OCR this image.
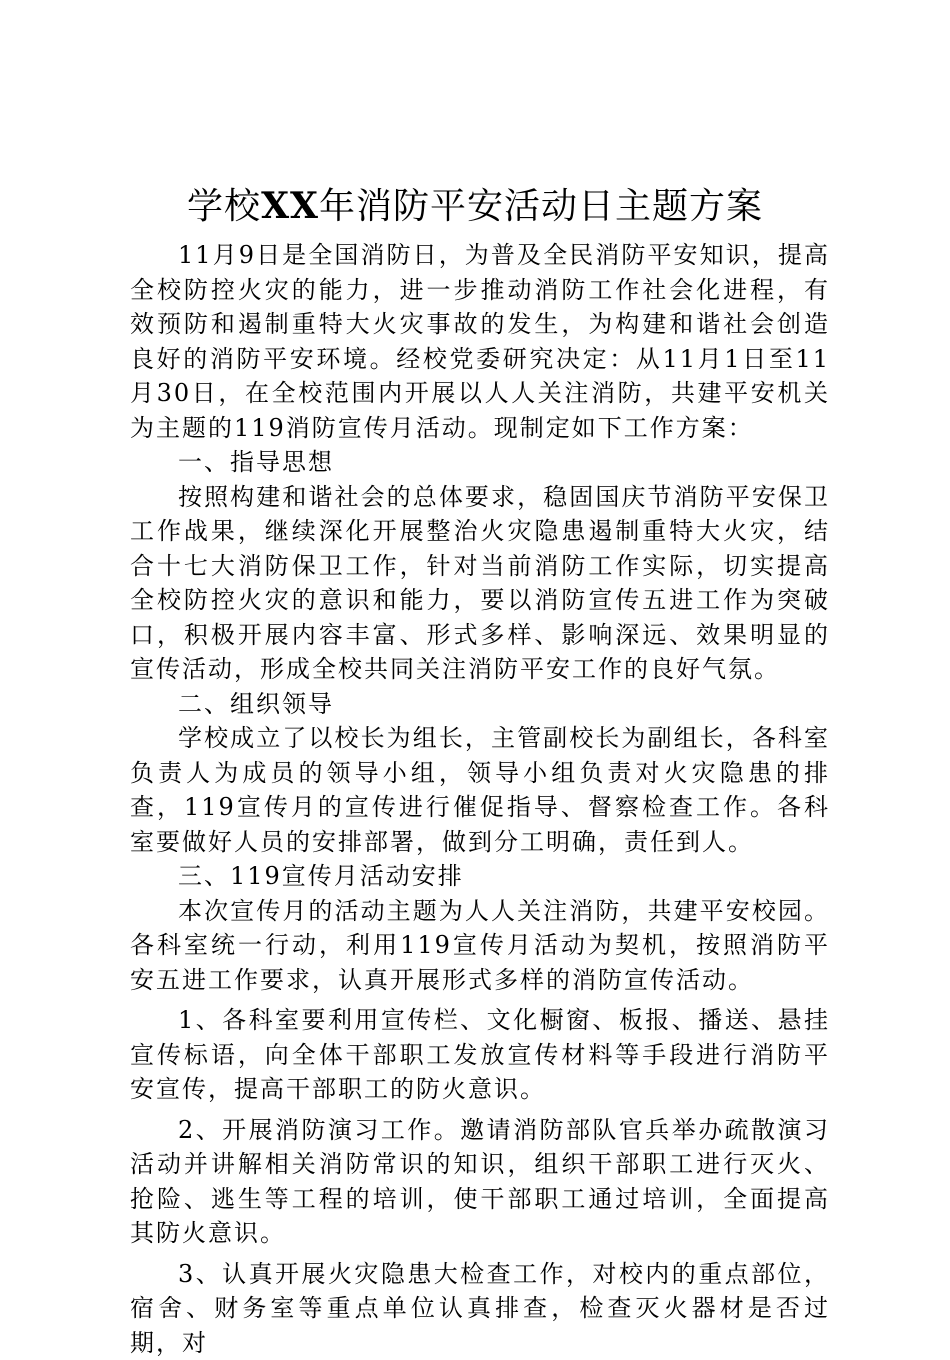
学校XX年消防平安活动日主题方案

11月9日是全国消防日，为普及全民消防平安知识，提高全校防控火灾的能力，进一步推动消防工作社会化进程，有效预防和遏制重特大火灾事故的发生，为构建和谐社会创造良好的消防平安环境。经校党委研究决定：从11月1日至11月30日，在全校范围内开展以人人关注消防，共建平安机关为主题的119消防宣传月活动。现制定如下工作方案：

一、指导思想

按照构建和谐社会的总体要求，稳固国庆节消防平安保卫工作战果，继续深化开展整治火灾隐患遏制重特大火灾，结合十七大消防保卫工作，针对当前消防工作实际，切实提高全校防控火灾的意识和能力，要以消防宣传五进工作为突破口，积极开展内容丰富、形式多样、影响深远、效果明显的宣传活动，形成全校共同关注消防平安工作的良好气氛。

二、组织领导

学校成立了以校长为组长，主管副校长为副组长，各科室负责人为成员的领导小组，领导小组负责对火灾隐患的排查，119宣传月的宣传进行催促指导、督察检查工作。各科室要做好人员的安排部署，做到分工明确，责任到人。

三、119宣传月活动安排

本次宣传月的活动主题为人人关注消防，共建平安校园。各科室统一行动，利用119宣传月活动为契机，按照消防平安五进工作要求，认真开展形式多样的消防宣传活动。

1、各科室要利用宣传栏、文化橱窗、板报、播送、悬挂宣传标语，向全体干部职工发放宣传材料等手段进行消防平安宣传，提高干部职工的防火意识。

2、开展消防演习工作。邀请消防部队官兵举办疏散演习活动并讲解相关消防常识的知识，组织干部职工进行灭火、抢险、逃生等工程的培训，使干部职工通过培训，全面提高其防火意识。

3、认真开展火灾隐患大检查工作，对校内的重点部位，宿舍、财务室等重点单位认真排查，检查灭火器材是否过期，对
